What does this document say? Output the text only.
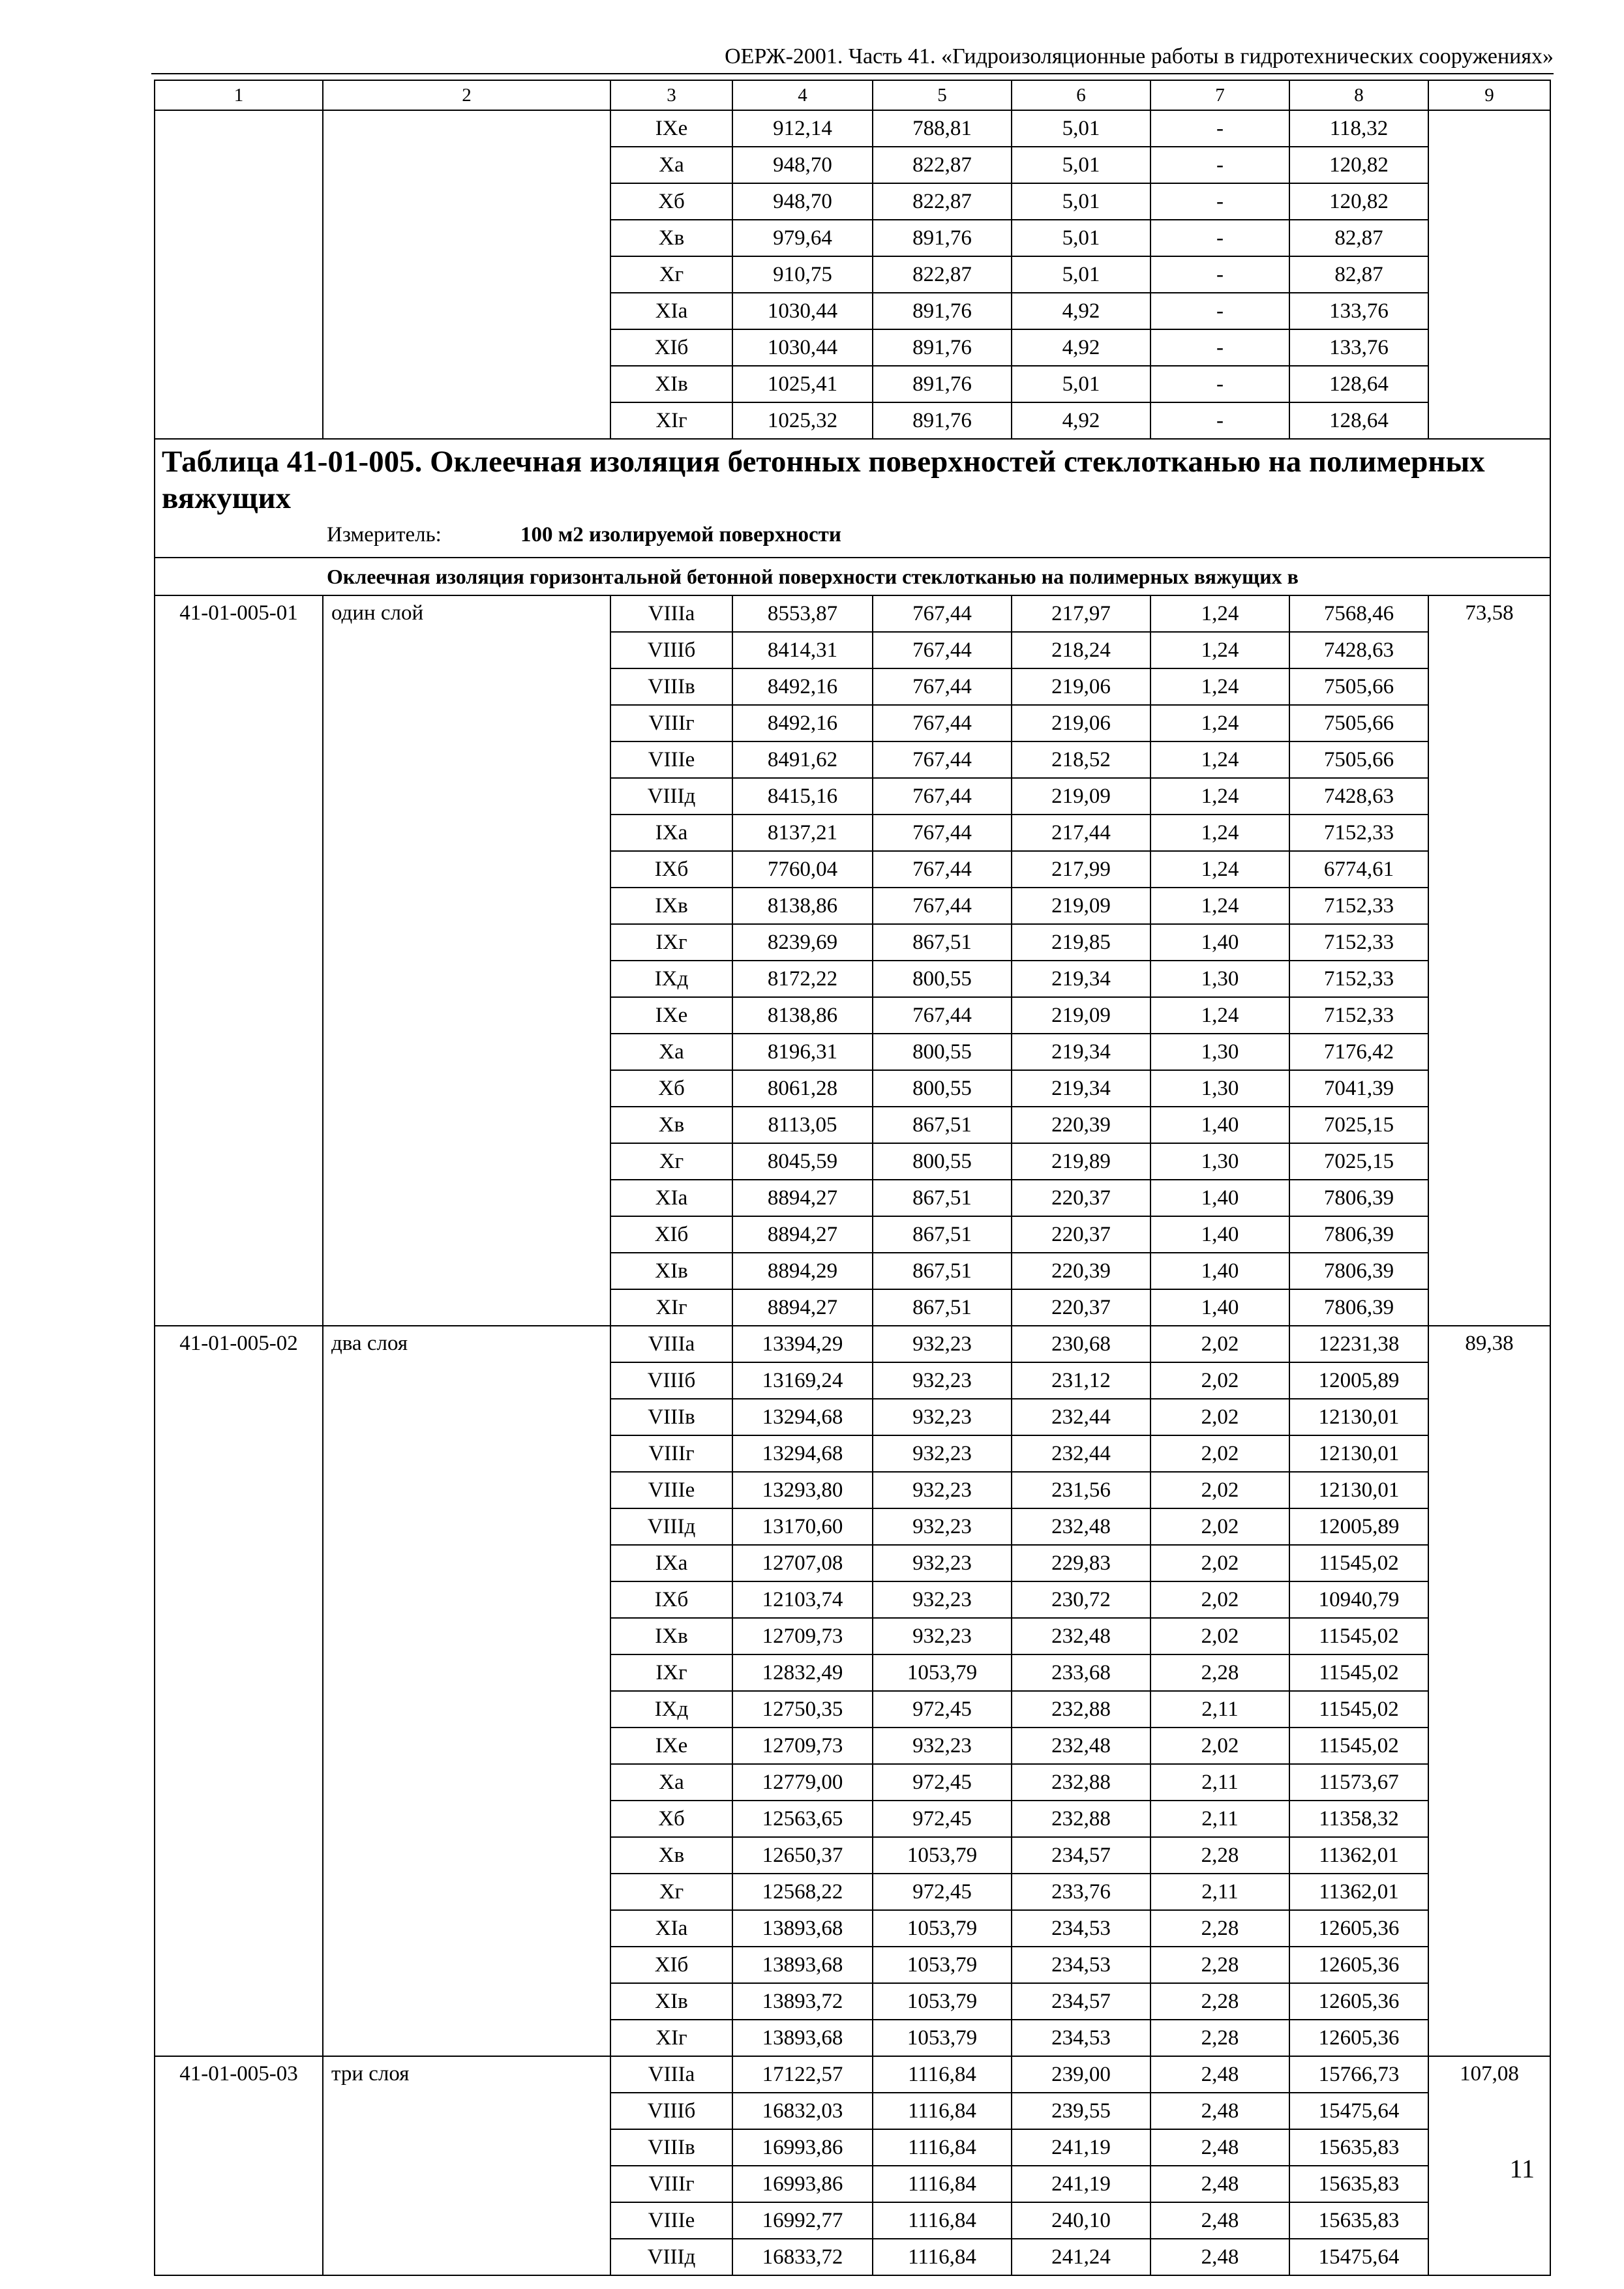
ОЕРЖ-2001. Часть 41. «Гидроизоляционные работы в гидротехнических сооружениях»
1	2	3	4	5	6	7	8	9
		IXе	912,14	788,81	5,01	-	118,32	
		Xа	948,70	822,87	5,01	-	120,82	
		Xб	948,70	822,87	5,01	-	120,82	
		Xв	979,64	891,76	5,01	-	82,87	
		Xг	910,75	822,87	5,01	-	82,87	
		XIа	1030,44	891,76	4,92	-	133,76	
		XIб	1030,44	891,76	4,92	-	133,76	
		XIв	1025,41	891,76	5,01	-	128,64	
		XIг	1025,32	891,76	4,92	-	128,64	

Таблица 41-01-005. Оклеечная изоляция бетонных поверхностей стеклотканью на полимерных вяжущих
Измеритель: 100 м2 изолируемой поверхности								

Оклеечная изоляция горизонтальной бетонной поверхности стеклотканью на полимерных вяжущих в								
41-01-005-01	один слой	VIIIа	8553,87	767,44	217,97	1,24	7568,46	73,58
		VIIIб	8414,31	767,44	218,24	1,24	7428,63	
		VIIIв	8492,16	767,44	219,06	1,24	7505,66	
		VIIIг	8492,16	767,44	219,06	1,24	7505,66	
		VIIIе	8491,62	767,44	218,52	1,24	7505,66	
		VIIIд	8415,16	767,44	219,09	1,24	7428,63	
		IXа	8137,21	767,44	217,44	1,24	7152,33	
		IXб	7760,04	767,44	217,99	1,24	6774,61	
		IXв	8138,86	767,44	219,09	1,24	7152,33	
		IXг	8239,69	867,51	219,85	1,40	7152,33	
		IXд	8172,22	800,55	219,34	1,30	7152,33	
		IXе	8138,86	767,44	219,09	1,24	7152,33	
		Xа	8196,31	800,55	219,34	1,30	7176,42	
		Xб	8061,28	800,55	219,34	1,30	7041,39	
		Xв	8113,05	867,51	220,39	1,40	7025,15	
		Xг	8045,59	800,55	219,89	1,30	7025,15	
		XIа	8894,27	867,51	220,37	1,40	7806,39	
		XIб	8894,27	867,51	220,37	1,40	7806,39	
		XIв	8894,29	867,51	220,39	1,40	7806,39	
		XIг	8894,27	867,51	220,37	1,40	7806,39	
41-01-005-02	два слоя	VIIIа	13394,29	932,23	230,68	2,02	12231,38	89,38
		VIIIб	13169,24	932,23	231,12	2,02	12005,89	
		VIIIв	13294,68	932,23	232,44	2,02	12130,01	
		VIIIг	13294,68	932,23	232,44	2,02	12130,01	
		VIIIе	13293,80	932,23	231,56	2,02	12130,01	
		VIIIд	13170,60	932,23	232,48	2,02	12005,89	
		IXа	12707,08	932,23	229,83	2,02	11545,02	
		IXб	12103,74	932,23	230,72	2,02	10940,79	
		IXв	12709,73	932,23	232,48	2,02	11545,02	
		IXг	12832,49	1053,79	233,68	2,28	11545,02	
		IXд	12750,35	972,45	232,88	2,11	11545,02	
		IXе	12709,73	932,23	232,48	2,02	11545,02	
		Xа	12779,00	972,45	232,88	2,11	11573,67	
		Xб	12563,65	972,45	232,88	2,11	11358,32	
		Xв	12650,37	1053,79	234,57	2,28	11362,01	
		Xг	12568,22	972,45	233,76	2,11	11362,01	
		XIа	13893,68	1053,79	234,53	2,28	12605,36	
		XIб	13893,68	1053,79	234,53	2,28	12605,36	
		XIв	13893,72	1053,79	234,57	2,28	12605,36	
		XIг	13893,68	1053,79	234,53	2,28	12605,36	
41-01-005-03	три слоя	VIIIа	17122,57	1116,84	239,00	2,48	15766,73	107,08
		VIIIб	16832,03	1116,84	239,55	2,48	15475,64	
		VIIIв	16993,86	1116,84	241,19	2,48	15635,83	
		VIIIг	16993,86	1116,84	241,19	2,48	15635,83	
		VIIIе	16992,77	1116,84	240,10	2,48	15635,83	
		VIIIд	16833,72	1116,84	241,24	2,48	15475,64	
11
